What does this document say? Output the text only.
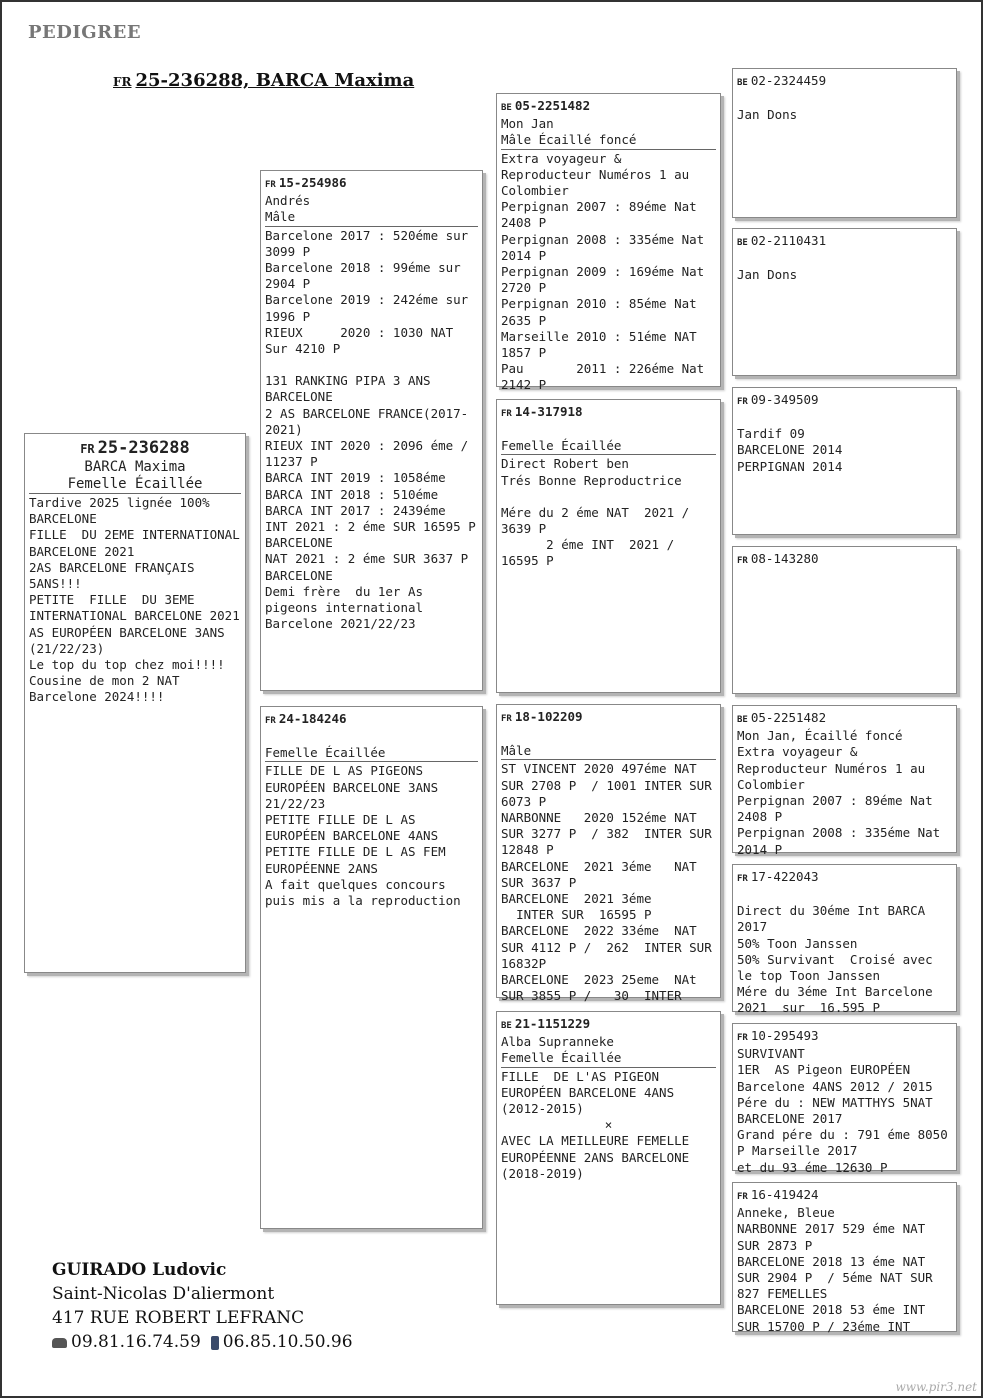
PEDIGREE
FR 25-236288, BARCA Maxima
FR 25-236288
BARCA Maxima
Femelle Écaillée
Tardive 2025 lignée 100% BARCELONE
FILLE  DU 2EME INTERNATIONAL BARCELONE 2021
2AS BARCELONE FRANÇAIS 5ANS!!!
PETITE  FILLE  DU 3EME INTERNATIONAL BARCELONE 2021
AS EUROPÉEN BARCELONE 3ANS (21/22/23)
Le top du top chez moi!!!!
Cousine de mon 2 NAT Barcelone 2024!!!!
FR 15-254986
Andrés
Mâle
Barcelone 2017 : 520éme sur 3099 P
Barcelone 2018 : 99éme sur 2904 P
Barcelone 2019 : 242éme sur 1996 P
RIEUX     2020 : 1030 NAT Sur 4210 P
131 RANKING PIPA 3 ANS BARCELONE
2 AS BARCELONE FRANCE(2017- 2021)
RIEUX INT 2020 : 2096 éme / 11237 P
BARCA INT 2019 : 1058éme
BARCA INT 2018 : 510éme
BARCA INT 2017 : 2439éme
INT 2021 : 2 éme SUR 16595 P BARCELONE
NAT 2021 : 2 éme SUR 3637 P  BARCELONE
Demi frère  du 1er As pigeons international Barcelone 2021/22/23
FR 24-184246
Femelle Écaillée
FILLE DE L AS PIGEONS EUROPÉEN BARCELONE 3ANS 21/22/23
PETITE FILLE DE L AS EUROPÉEN BARCELONE 4ANS
PETITE FILLE DE L AS FEM EUROPÉENNE 2ANS
A fait quelques concours puis mis a la reproduction
BE 05-2251482
Mon Jan
Mâle Écaillé foncé
Extra voyageur & Reproducteur Numéros 1 au Colombier
Perpignan 2007 : 89éme Nat  2408 P
Perpignan 2008 : 335éme Nat 2014 P
Perpignan 2009 : 169éme Nat 2720 P
Perpignan 2010 : 85éme Nat 2635 P
Marseille 2010 : 51éme NAT 1857 P
Pau       2011 : 226éme Nat 2142 P
FR 14-317918
Femelle Écaillée
Direct Robert ben
Trés Bonne Reproductrice
Mére du 2 éme NAT  2021 / 3639 P
2 éme INT  2021 / 16595 P
FR 18-102209
Mâle
ST VINCENT 2020 497éme NAT SUR 2708 P  / 1001 INTER SUR 6073 P
NARBONNE   2020 152éme NAT SUR 3277 P  / 382  INTER SUR 12848 P
BARCELONE  2021 3éme   NAT SUR 3637 P
BARCELONE  2021 3éme
INTER SUR  16595 P
BARCELONE  2022 33éme  NAT SUR 4112 P /  262  INTER SUR 16832P
BARCELONE  2023 25eme  NAt SUR 3855 P /   30  INTER
BE 21-1151229
Alba Supranneke
Femelle Écaillée
FILLE  DE L'AS PIGEON EUROPÉEN BARCELONE 4ANS (2012-2015)
×
AVEC LA MEILLEURE FEMELLE EUROPÉENNE 2ANS BARCELONE (2018-2019)
BE 02-2324459
Jan Dons
BE 02-2110431
Jan Dons
FR 09-349509
Tardif 09
BARCELONE 2014
PERPIGNAN 2014
FR 08-143280
BE 05-2251482
Mon Jan, Écaillé foncé
Extra voyageur & Reproducteur Numéros 1 au Colombier
Perpignan 2007 : 89éme Nat  2408 P
Perpignan 2008 : 335éme Nat 2014 P
FR 17-422043
Direct du 30éme Int BARCA 2017
50% Toon Janssen
50% Survivant  Croisé avec le top Toon Janssen
Mére du 3éme Int Barcelone 2021  sur  16.595 P
FR 10-295493
SURVIVANT
1ER  AS Pigeon EUROPÉEN Barcelone 4ANS 2012 / 2015
Pére du : NEW MATTHYS 5NAT BARCELONE 2017
Grand pére du : 791 éme 8050 P Marseille 2017
et du 93 éme 12630 P
FR 16-419424
Anneke, Bleue
NARBONNE 2017 529 éme NAT SUR 2873 P
BARCELONE 2018 13 éme NAT SUR 2904 P  / 5éme NAT SUR 827 FEMELLES
BARCELONE 2018 53 éme INT SUR 15700 P / 23éme INT
GUIRADO Ludovic
Saint-Nicolas D'aliermont
417 RUE ROBERT LEFRANC
09.81.16.74.59 06.85.10.50.96
www.pir3.net
